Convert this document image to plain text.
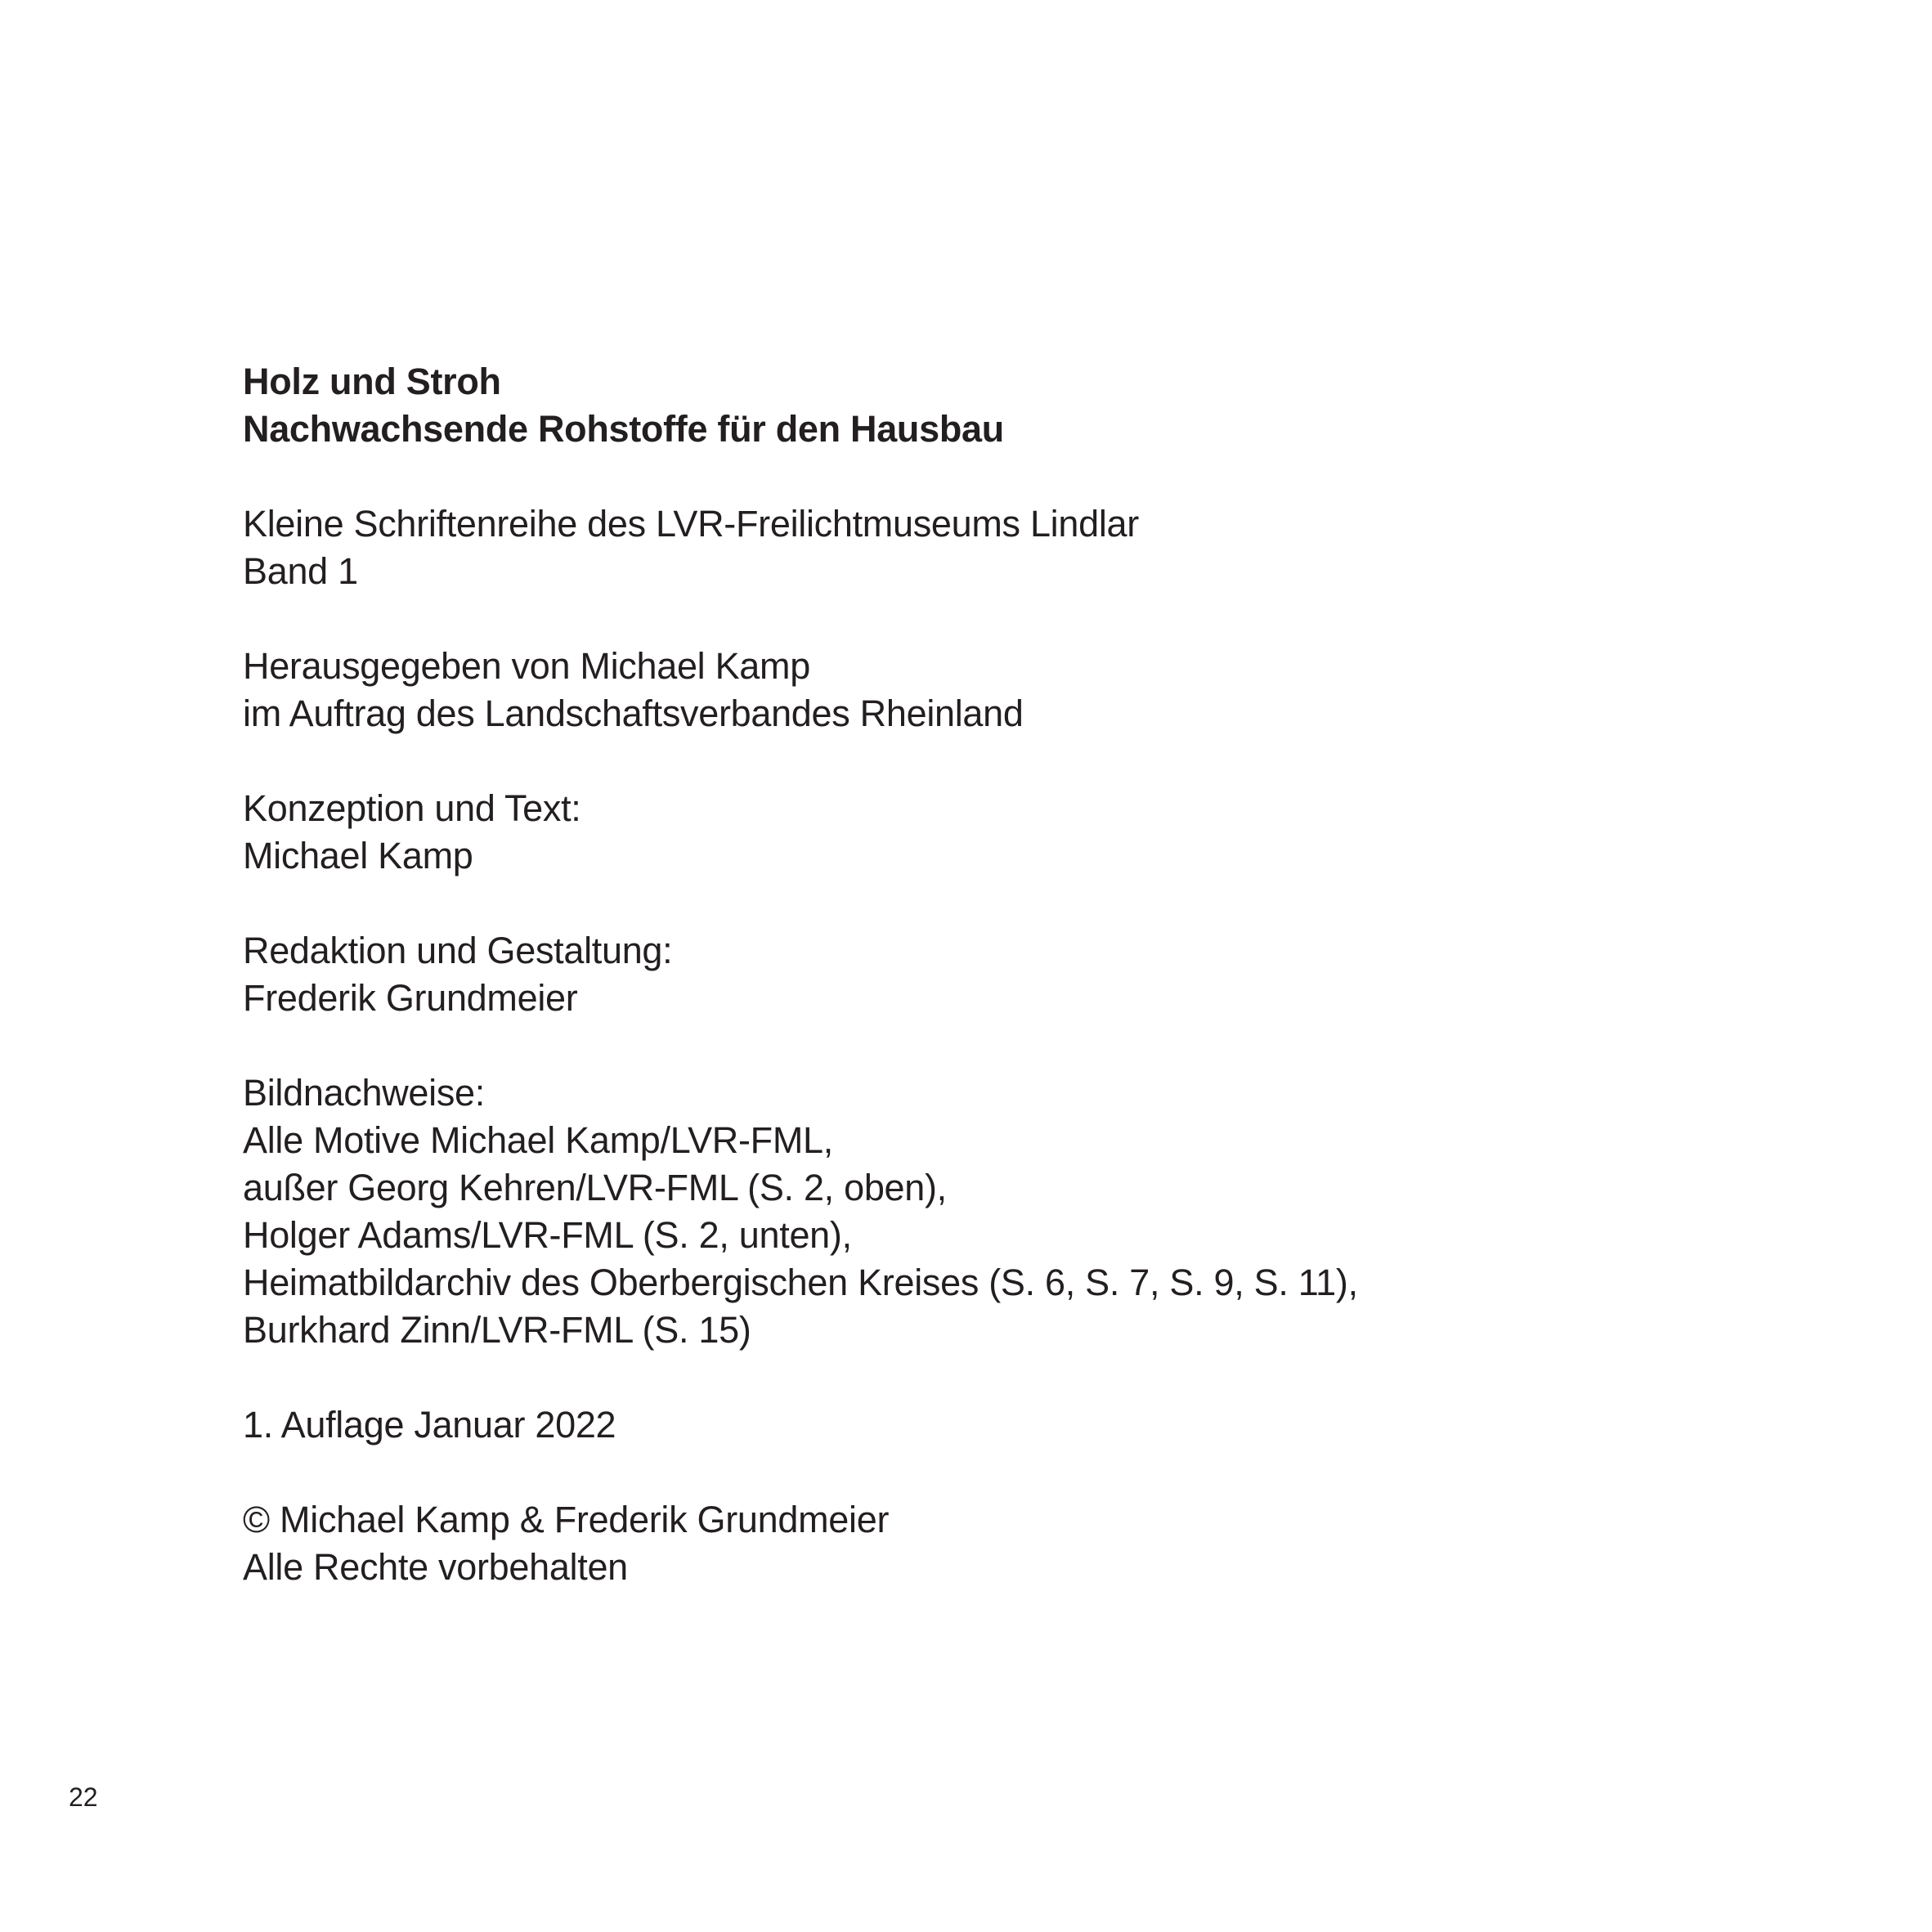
Holz und Stroh
Nachwachsende Rohstoffe für den Hausbau
Kleine Schriftenreihe des LVR-Freilichtmuseums Lindlar
Band 1
Herausgegeben von Michael Kamp
im Auftrag des Landschaftsverbandes Rheinland
Konzeption und Text:
Michael Kamp
Redaktion und Gestaltung:
Frederik Grundmeier
Bildnachweise:
Alle Motive Michael Kamp/LVR-FML,
außer Georg Kehren/LVR-FML (S. 2, oben),
Holger Adams/LVR-FML (S. 2, unten),
Heimatbildarchiv des Oberbergischen Kreises (S. 6, S. 7, S. 9, S. 11),
Burkhard Zinn/LVR-FML (S. 15)
1. Auflage Januar 2022
© Michael Kamp & Frederik Grundmeier
Alle Rechte vorbehalten
22
